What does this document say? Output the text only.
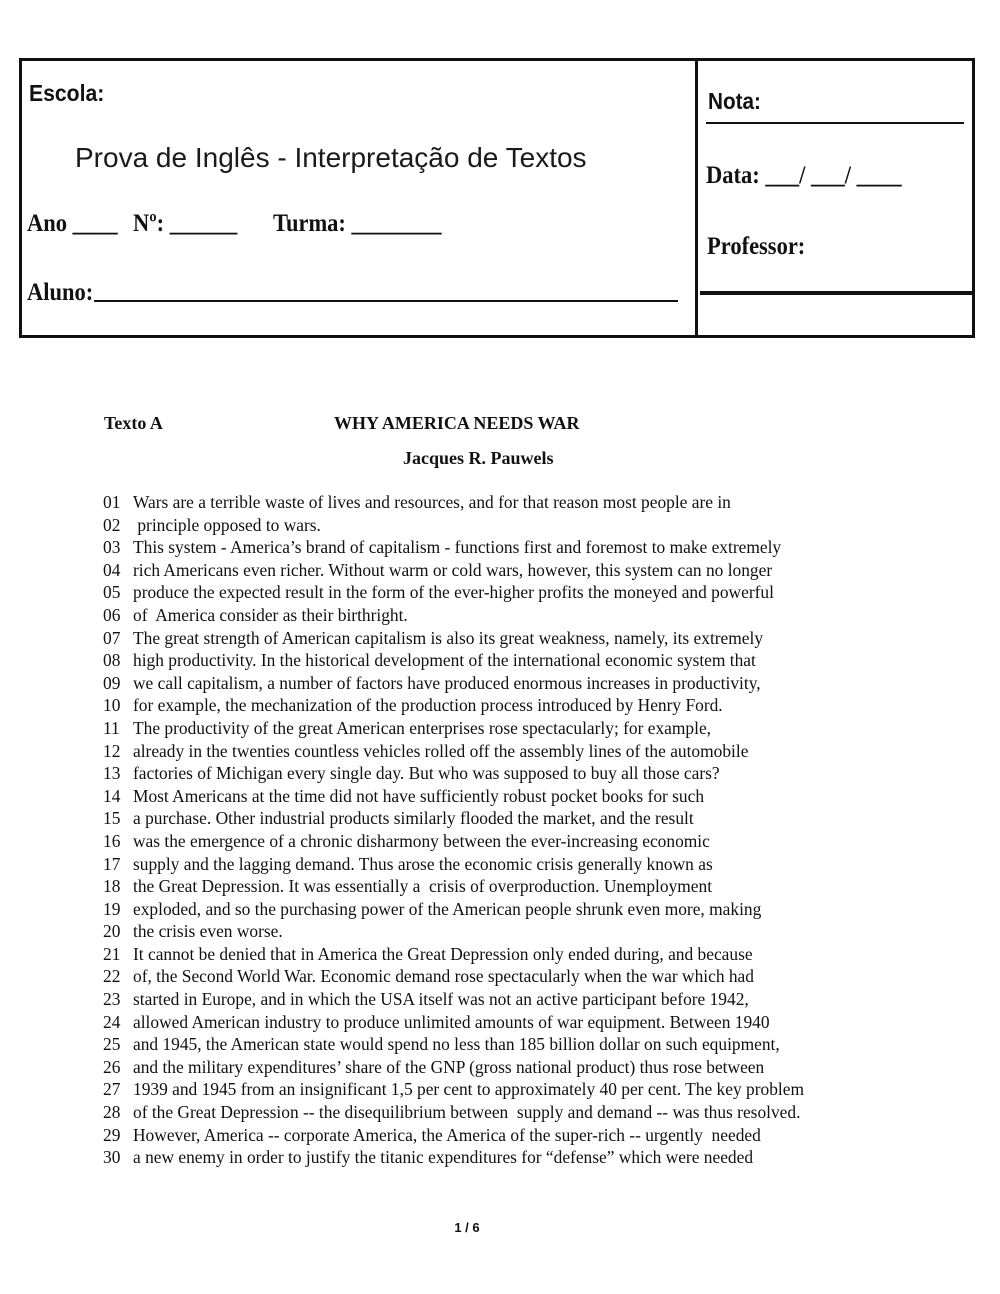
Escola:
Prova de Inglês - Interpretação de Textos
Ano ____ Nº: ______ Turma: ________
Aluno:
Nota:
Data: ___/ ___/ ____
Professor:
Texto A	WHY AMERICA NEEDS WAR
Jacques R. Pauwels
01 Wars are a terrible waste of lives and resources, and for that reason most people are in
02 principle opposed to wars.
03 This system - America’s brand of capitalism - functions first and foremost to make extremely
04 rich Americans even richer. Without warm or cold wars, however, this system can no longer
05 produce the expected result in the form of the ever-higher profits the moneyed and powerful
06 of  America consider as their birthright.
07 The great strength of American capitalism is also its great weakness, namely, its extremely
08 high productivity. In the historical development of the international economic system that
09 we call capitalism, a number of factors have produced enormous increases in productivity,
10 for example, the mechanization of the production process introduced by Henry Ford.
11 The productivity of the great American enterprises rose spectacularly; for example,
12 already in the twenties countless vehicles rolled off the assembly lines of the automobile
13 factories of Michigan every single day. But who was supposed to buy all those cars?
14 Most Americans at the time did not have sufficiently robust pocket books for such
15 a purchase. Other industrial products similarly flooded the market, and the result
16 was the emergence of a chronic disharmony between the ever-increasing economic
17 supply and the lagging demand. Thus arose the economic crisis generally known as
18 the Great Depression. It was essentially a  crisis of overproduction. Unemployment
19 exploded, and so the purchasing power of the American people shrunk even more, making
20 the crisis even worse.
21 It cannot be denied that in America the Great Depression only ended during, and because
22 of, the Second World War. Economic demand rose spectacularly when the war which had
23 started in Europe, and in which the USA itself was not an active participant before 1942,
24 allowed American industry to produce unlimited amounts of war equipment. Between 1940
25 and 1945, the American state would spend no less than 185 billion dollar on such equipment,
26 and the military expenditures’ share of the GNP (gross national product) thus rose between
27 1939 and 1945 from an insignificant 1,5 per cent to approximately 40 per cent. The key problem
28 of the Great Depression -- the disequilibrium between  supply and demand -- was thus resolved.
29 However, America -- corporate America, the America of the super-rich -- urgently  needed
30 a new enemy in order to justify the titanic expenditures for “defense” which were needed
1 / 6
